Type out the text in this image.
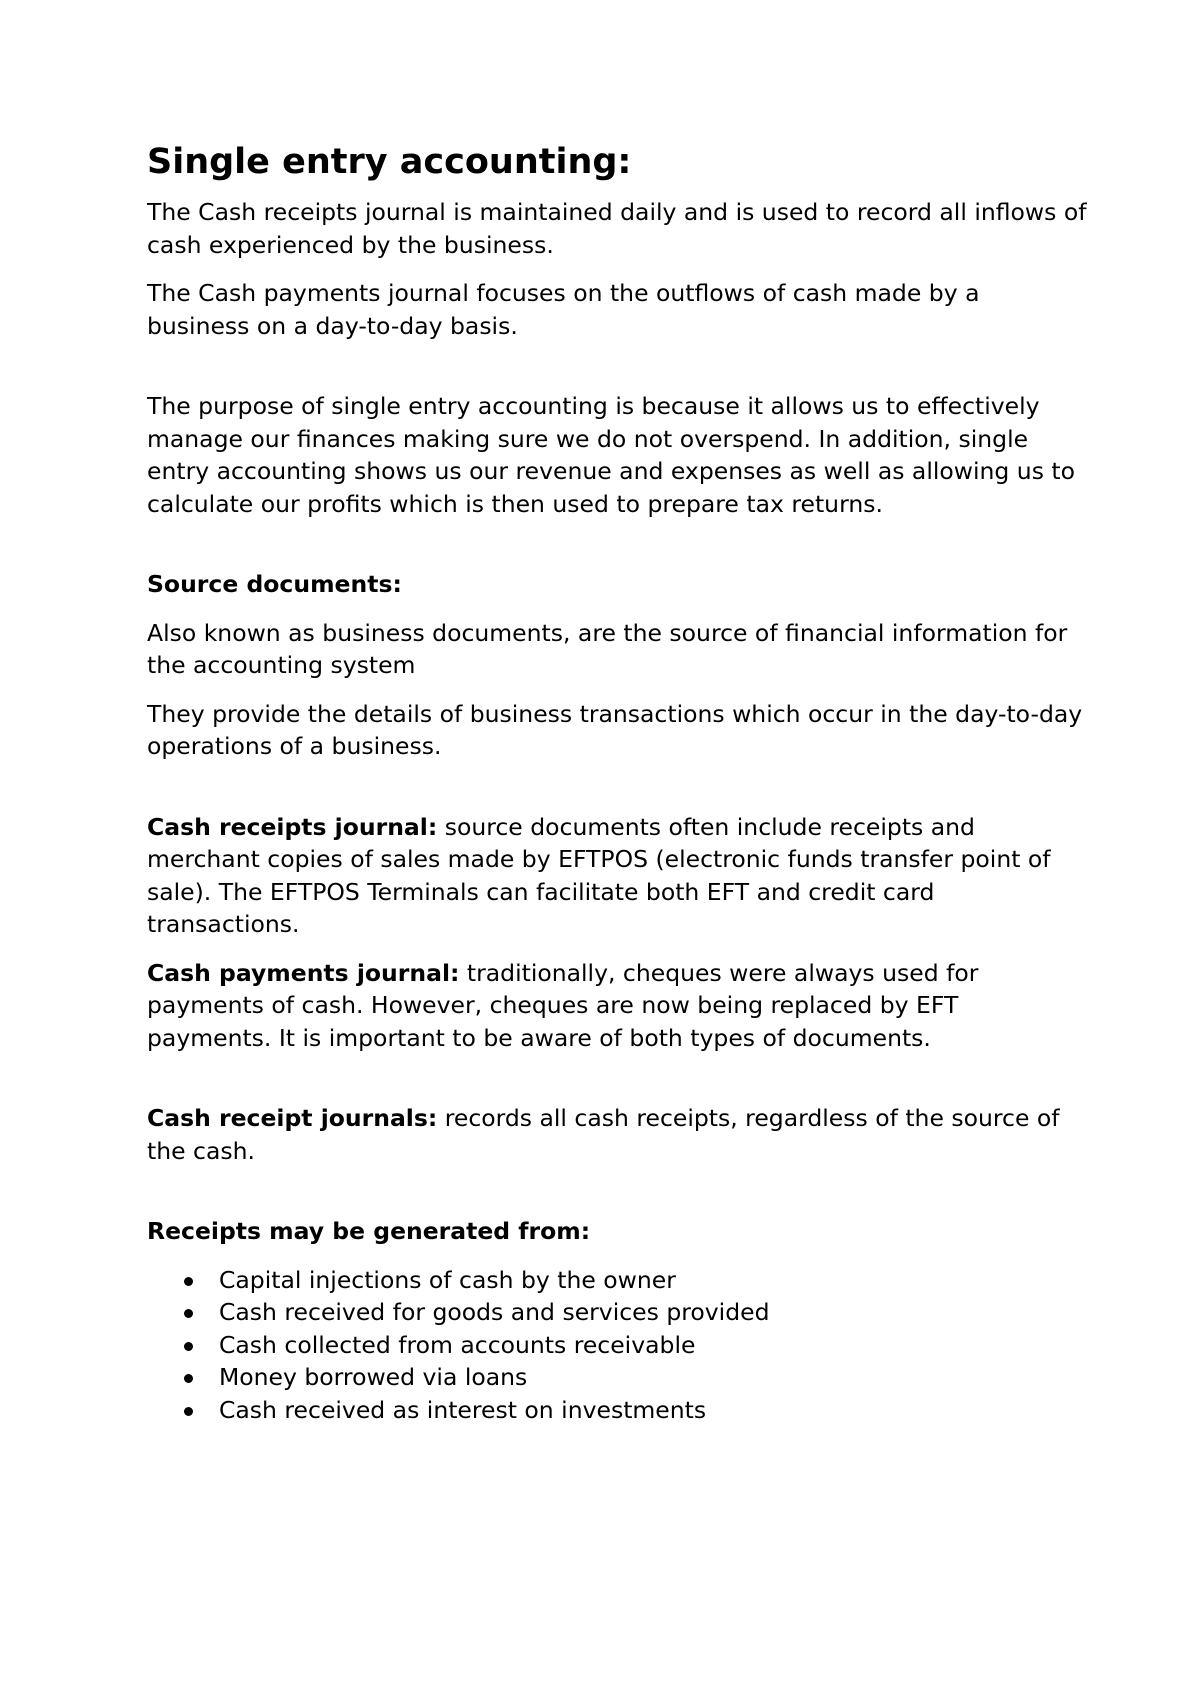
Single entry accounting:

The Cash receipts journal is maintained daily and is used to record all inflows of cash experienced by the business.

The Cash payments journal focuses on the outflows of cash made by a business on a day-to-day basis.

The purpose of single entry accounting is because it allows us to effectively manage our finances making sure we do not overspend. In addition, single entry accounting shows us our revenue and expenses as well as allowing us to calculate our profits which is then used to prepare tax returns.

Source documents:

Also known as business documents, are the source of financial information for the accounting system

They provide the details of business transactions which occur in the day-to-day operations of a business.

Cash receipts journal: source documents often include receipts and merchant copies of sales made by EFTPOS (electronic funds transfer point of sale). The EFTPOS Terminals can facilitate both EFT and credit card transactions.

Cash payments journal: traditionally, cheques were always used for payments of cash. However, cheques are now being replaced by EFT payments. It is important to be aware of both types of documents.

Cash receipt journals: records all cash receipts, regardless of the source of the cash.

Receipts may be generated from:

Capital injections of cash by the owner
Cash received for goods and services provided
Cash collected from accounts receivable
Money borrowed via loans
Cash received as interest on investments
